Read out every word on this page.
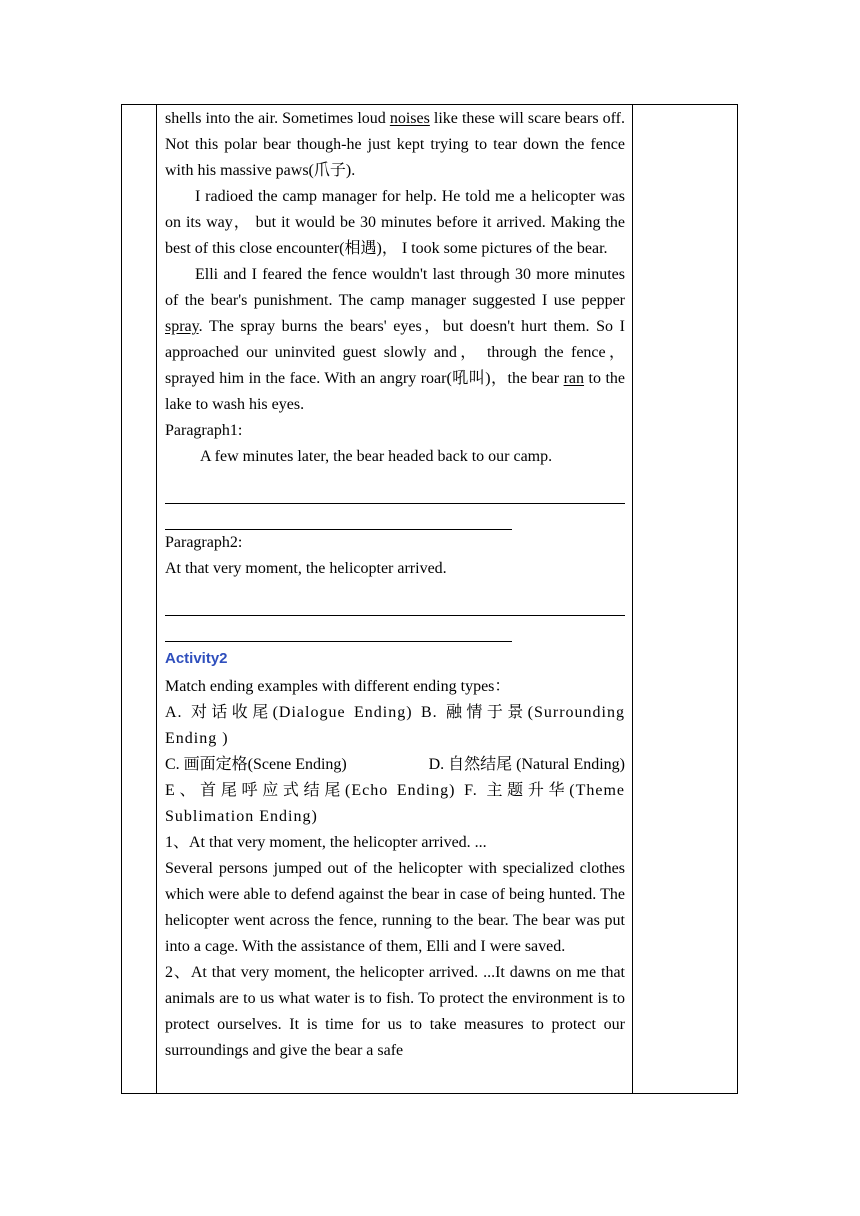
shells into the air. Sometimes loud noises like these will scare bears off. Not this polar bear though-he just kept trying to tear down the fence with his massive paws(爪子).

I radioed the camp manager for help. He told me a helicopter was on its way， but it would be 30 minutes before it arrived. Making the best of this close encounter(相遇)， I took some pictures of the bear.

Elli and I feared the fence wouldn't last through 30 more minutes of the bear's punishment. The camp manager suggested I use pepper spray. The spray burns the bears' eyes，but doesn't hurt them. So I approached our uninvited guest slowly and， through the fence，sprayed him in the face. With an angry roar(吼叫)，the bear ran to the lake to wash his eyes.

Paragraph1:

A few minutes later, the bear headed back to our camp.

Paragraph2:

At that very moment, the helicopter arrived.

Activity2

Match ending examples with different ending types：

A. 对话收尾(Dialogue Ending) B. 融情于景(Surrounding Ending )

C. 画面定格(Scene Ending)	D. 自然结尾 (Natural Ending)

E、首尾呼应式结尾(Echo Ending) F. 主题升华(Theme Sublimation Ending)

1、At that very moment, the helicopter arrived. ...

Several persons jumped out of the helicopter with specialized clothes which were able to defend against the bear in case of being hunted. The helicopter went across the fence, running to the bear. The bear was put into a cage. With the assistance of them, Elli and I were saved.

2、At that very moment, the helicopter arrived. ...It dawns on me that animals are to us what water is to fish. To protect the environment is to protect ourselves. It is time for us to take measures to protect our surroundings and give the bear a safe
